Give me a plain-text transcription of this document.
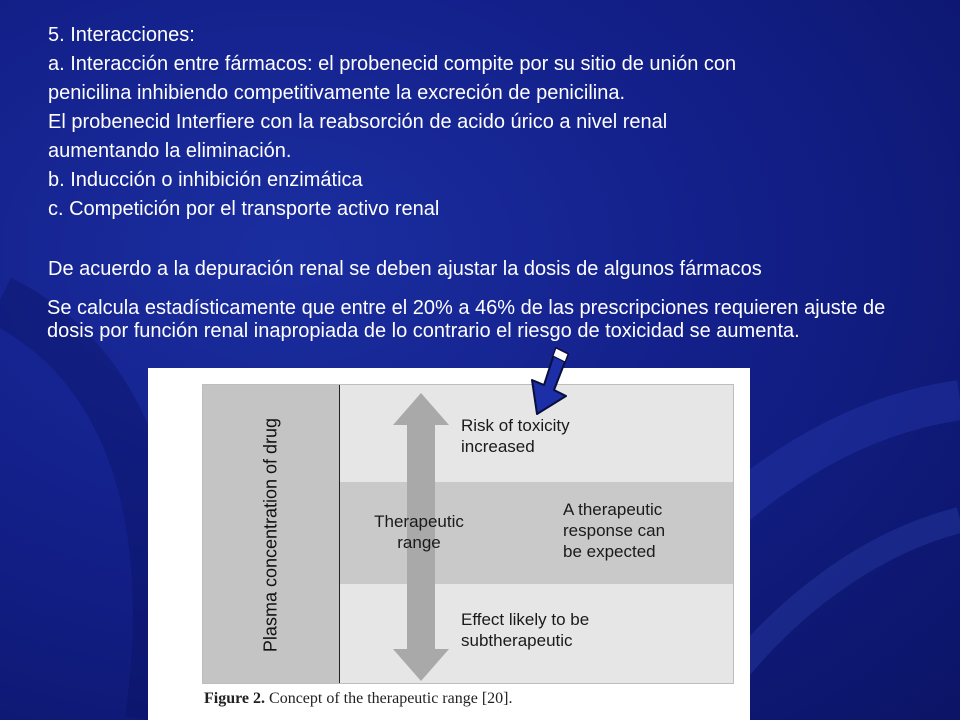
5. Interacciones:
a. Interacción entre fármacos: el probenecid compite por su sitio de unión con
penicilina inhibiendo competitivamente la excreción de penicilina.
El probenecid Interfiere con la reabsorción de acido úrico a nivel renal
aumentando la eliminación.
b. Inducción o inhibición enzimática
c. Competición por el transporte activo renal
De acuerdo a la depuración renal se deben ajustar la dosis de algunos fármacos
Se calcula estadísticamente que entre el 20% a 46% de las prescripciones requieren ajuste de dosis por función renal inapropiada de lo contrario el riesgo de toxicidad se aumenta.
Plasma concentration of drug	Therapeutic
range
Risk of toxicity
increased
A therapeutic
response can
be expected
Effect likely to be
subtherapeutic
Figure 2. Concept of the therapeutic range [20].
